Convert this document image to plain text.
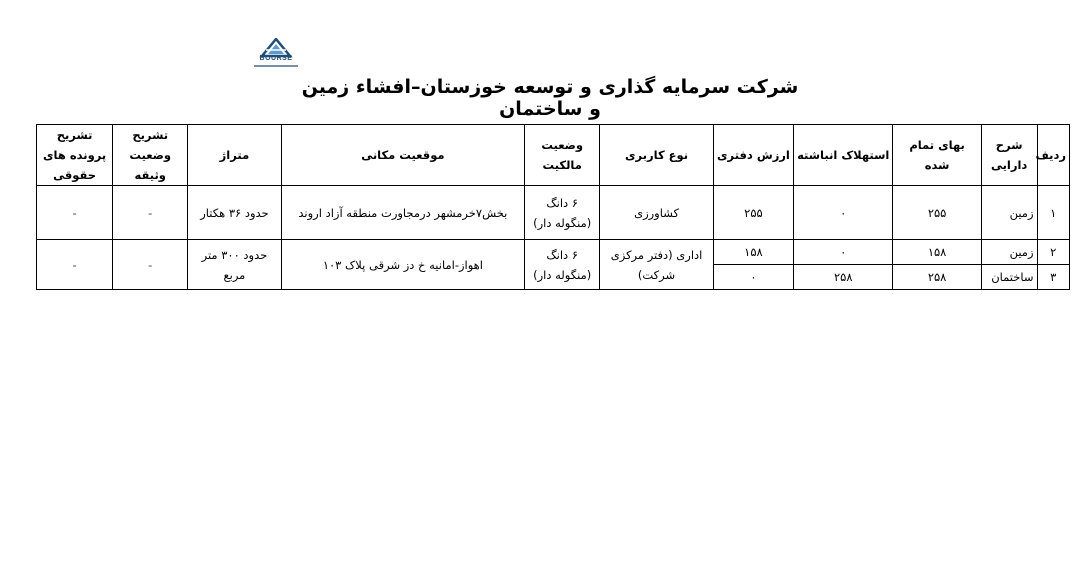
BOURSE
شرکت سرمایه گذاری و توسعه خوزستان–افشاء زمین و ساختمان
ردیف	شرح دارایی	بهای تمام شده	استهلاک انباشته	ارزش دفتری	نوع کاربری	وضعیت مالکیت	موقعیت مکانی	متراژ	تشریح وضعیت وثیقه	تشریح پرونده های حقوقی
۱	زمین	۲۵۵	۰	۲۵۵	کشاورزی	۶ دانگ (منگوله دار)	بخش۷خرمشهر درمجاورت منطقه آزاد اروند	حدود ۳۶ هکتار	-	-
۲	زمین	۱۵۸	۰	۱۵۸	اداری (دفتر مرکزی شرکت)	۶ دانگ (منگوله دار)	اهواز-امانیه خ دز شرقی پلاک ۱۰۳	حدود ۳۰۰ متر مربع	-	-
۳	ساختمان	۲۵۸	۲۵۸	۰						
